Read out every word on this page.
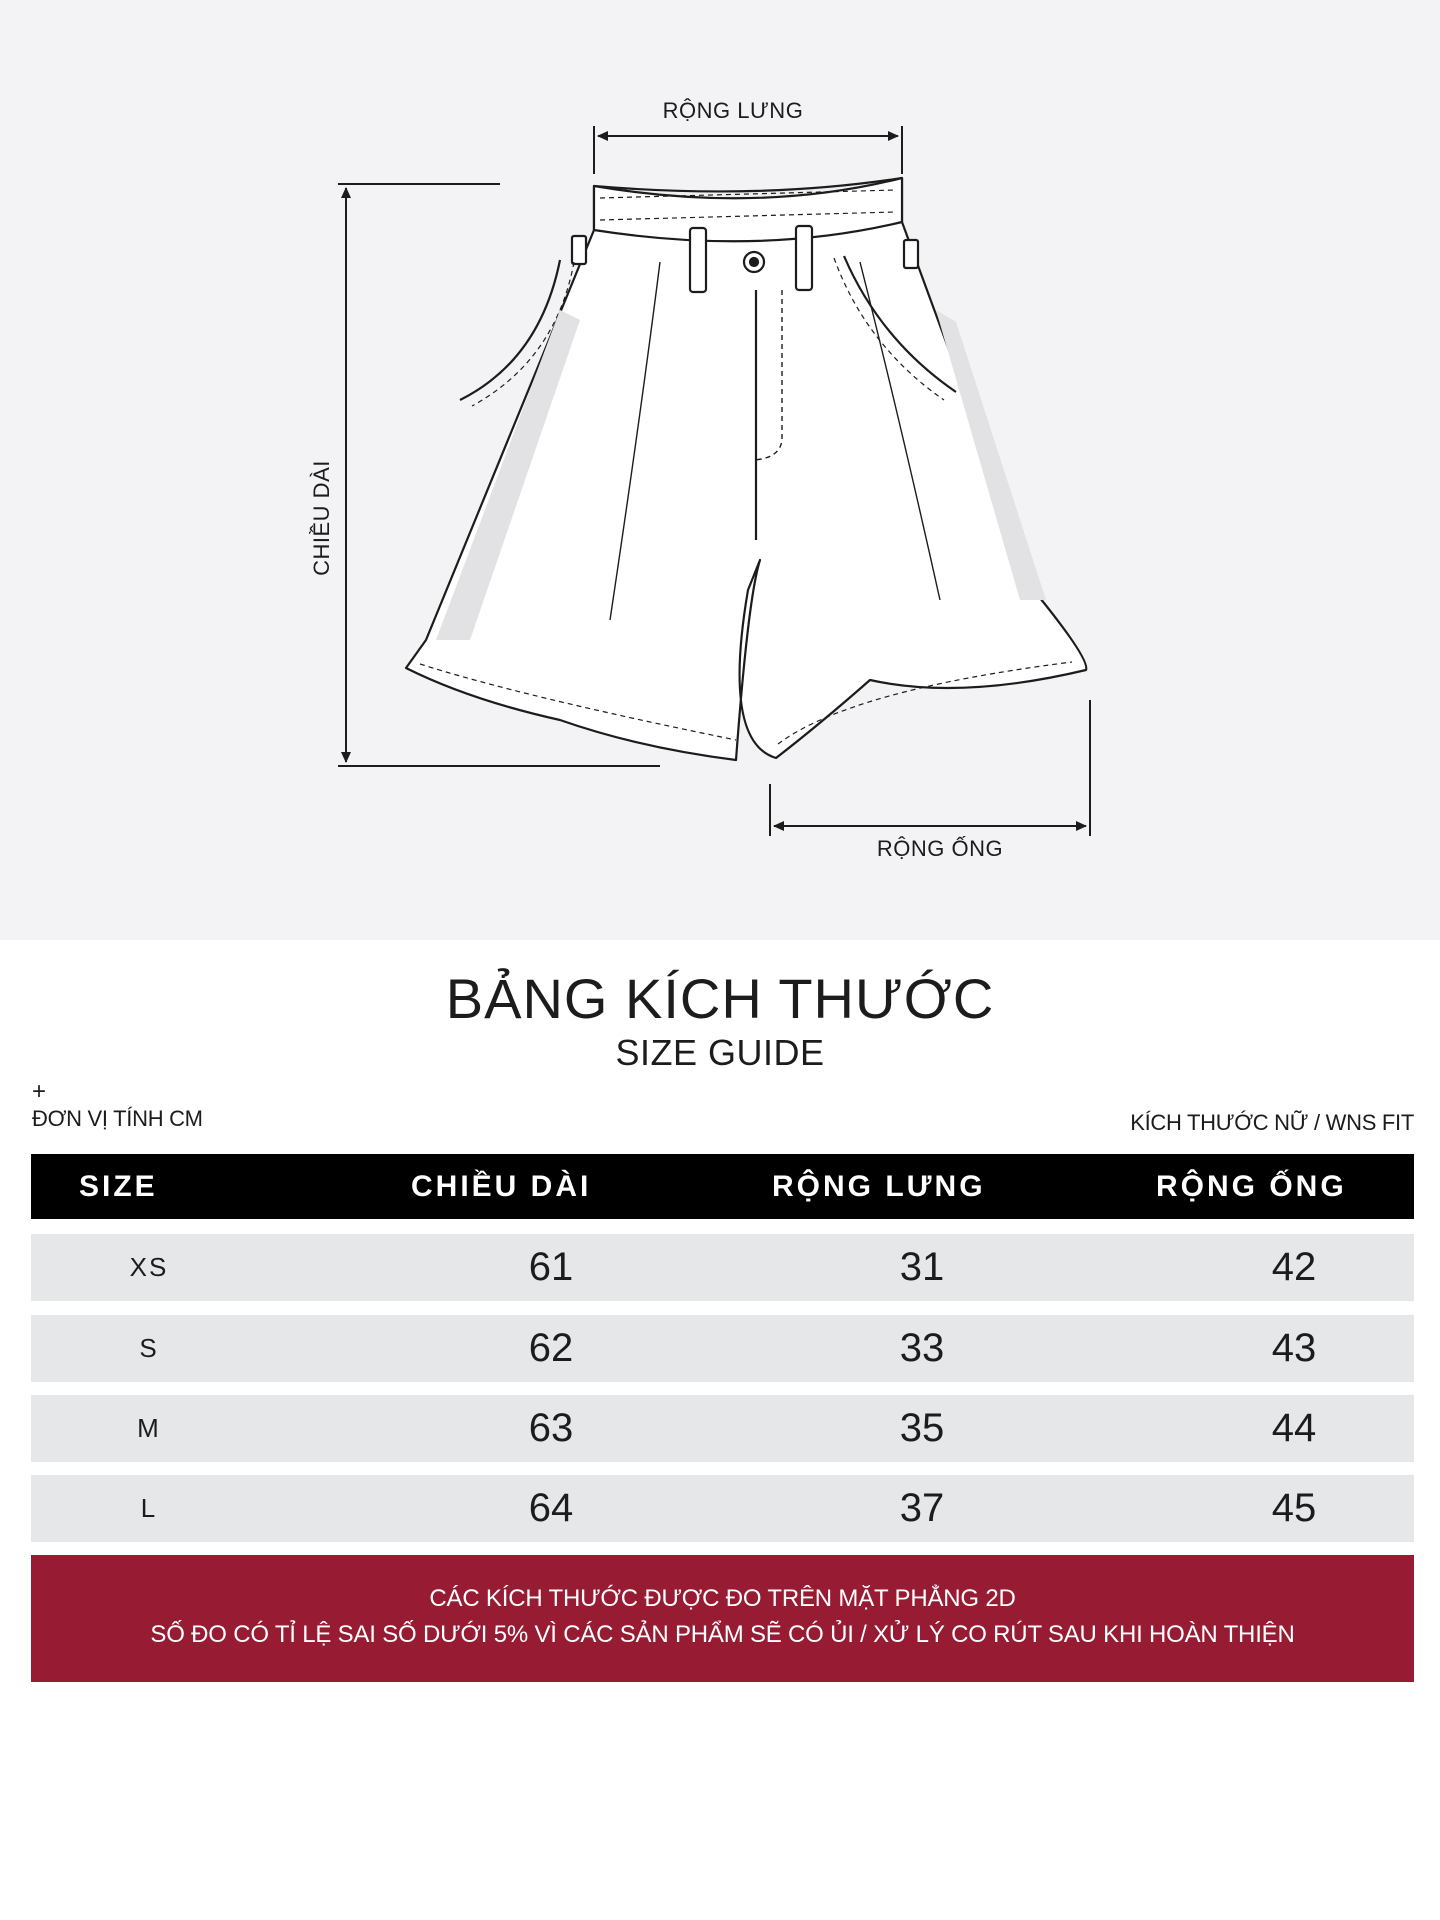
RỘNG LƯNG
CHIỀU DÀI
RỘNG ỐNG
BẢNG KÍCH THƯỚC
SIZE GUIDE
+
ĐƠN VỊ TÍNH CM	KÍCH THƯỚC NỮ / WNS FIT
SIZE	CHIỀU DÀI	RỘNG LƯNG	RỘNG ỐNG
XS	61	31	42
S	62	33	43
M	63	35	44
L	64	37	45
CÁC KÍCH THƯỚC ĐƯỢC ĐO TRÊN MẶT PHẲNG 2D
SỐ ĐO CÓ TỈ LỆ SAI SỐ DƯỚI 5% VÌ CÁC SẢN PHẨM SẼ CÓ ỦI / XỬ LÝ CO RÚT SAU KHI HOÀN THIỆN
